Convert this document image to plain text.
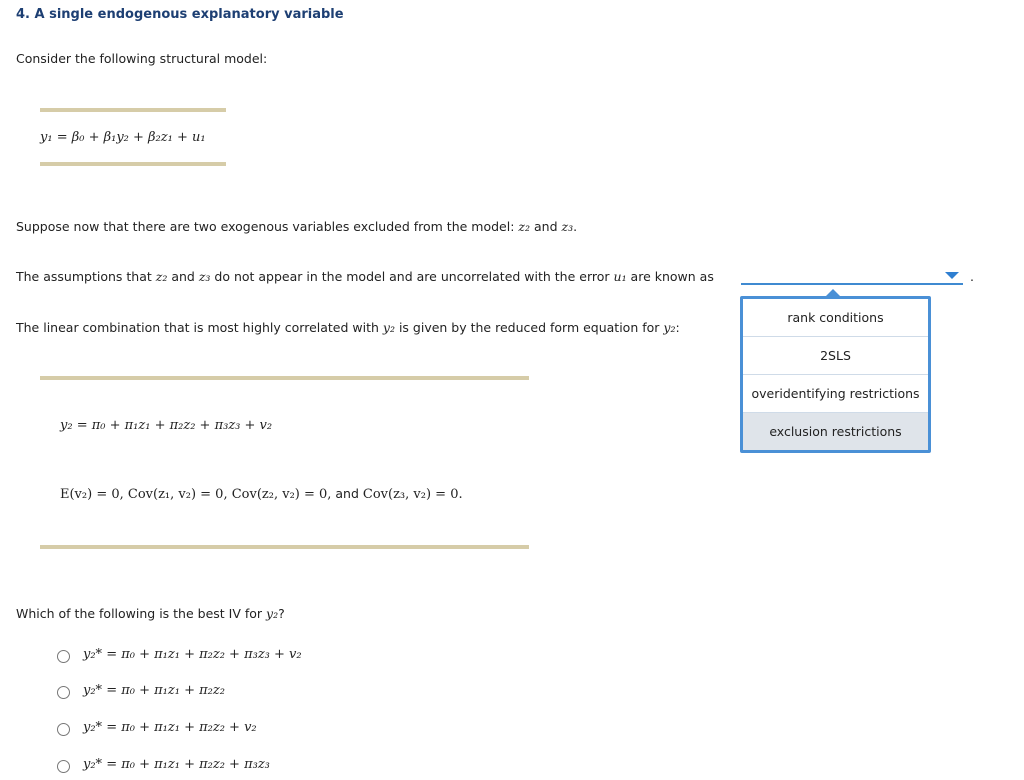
4. A single endogenous explanatory variable
Consider the following structural model:
y₁ = β₀ + β₁y₂ + β₂z₁ + u₁
Suppose now that there are two exogenous variables excluded from the model: z₂ and z₃.
The assumptions that z₂ and z₃ do not appear in the model and are uncorrelated with the error u₁ are known as	.
rank conditions
2SLS
overidentifying restrictions
exclusion restrictions
The linear combination that is most highly correlated with y₂ is given by the reduced form equation for y₂:
y₂ = π₀ + π₁z₁ + π₂z₂ + π₃z₃ + v₂
E(v₂) = 0, Cov(z₁, v₂) = 0, Cov(z₂, v₂) = 0, and Cov(z₃, v₂) = 0.
Which of the following is the best IV for y₂?
y₂* = π₀ + π₁z₁ + π₂z₂ + π₃z₃ + v₂
y₂* = π₀ + π₁z₁ + π₂z₂
y₂* = π₀ + π₁z₁ + π₂z₂ + v₂
y₂* = π₀ + π₁z₁ + π₂z₂ + π₃z₃
